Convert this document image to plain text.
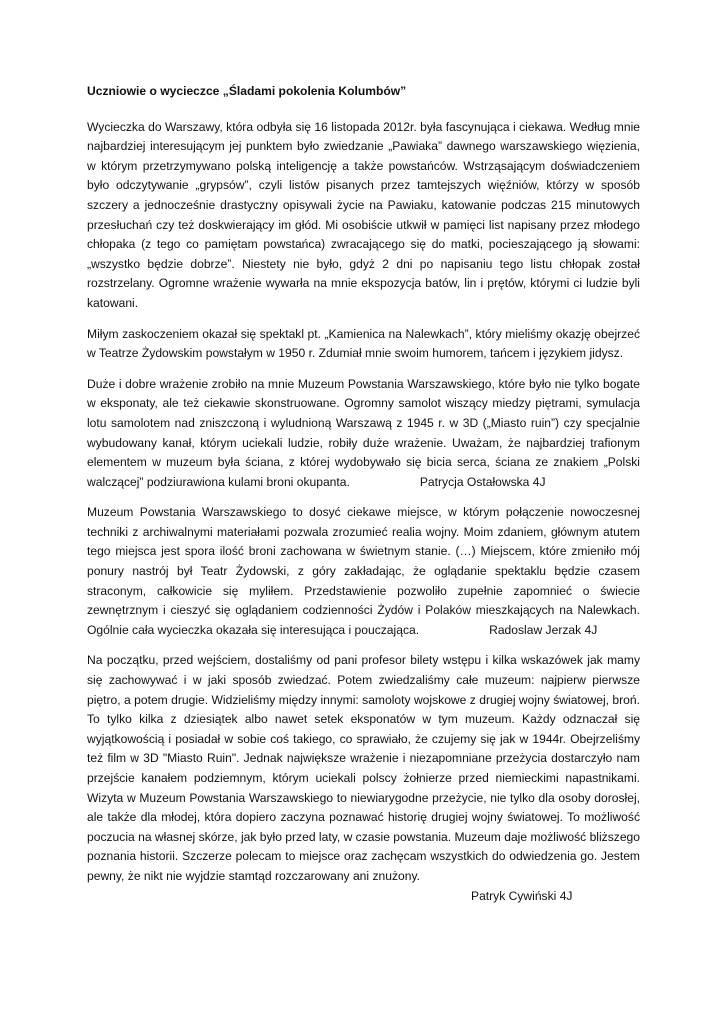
Uczniowie o wycieczce „Śladami pokolenia Kolumbów”

Wycieczka do Warszawy, która odbyła się 16 listopada 2012r. była fascynująca i ciekawa. Według mnie najbardziej interesującym jej punktem było zwiedzanie „Pawiaka” dawnego warszawskiego więzienia, w którym przetrzymywano polską inteligencję a także powstańców. Wstrząsającym doświadczeniem było odczytywanie „grypsów”, czyli listów pisanych przez tamtejszych więźniów, którzy w sposób szczery a jednocześnie drastyczny opisywali życie na Pawiaku, katowanie podczas 215 minutowych przesłuchań czy też doskwierający im głód. Mi osobiście utkwił w pamięci list napisany przez młodego chłopaka (z tego co pamiętam powstańca) zwracającego się do matki, pocieszającego ją słowami: „wszystko będzie dobrze”. Niestety nie było, gdyż 2 dni po napisaniu tego listu chłopak został rozstrzelany. Ogromne wrażenie wywarła na mnie ekspozycja batów, lin i prętów, którymi ci ludzie byli katowani.

Miłym zaskoczeniem okazał się spektakl pt. „Kamienica na Nalewkach”, który mieliśmy okazję obejrzeć w Teatrze Żydowskim powstałym w 1950 r. Zdumiał mnie swoim humorem, tańcem i językiem jidysz.

Duże i dobre wrażenie zrobiło na mnie Muzeum Powstania Warszawskiego, które było nie tylko bogate w eksponaty, ale też ciekawie skonstruowane. Ogromny samolot wiszący miedzy piętrami, symulacja lotu samolotem nad zniszczoną i wyludnioną Warszawą z 1945 r. w 3D („Miasto ruin”) czy specjalnie wybudowany kanał, którym uciekali ludzie, robiły duże wrażenie. Uważam, że najbardziej trafionym elementem w muzeum była ściana, z której wydobywało się bicia serca, ściana ze znakiem „Polski walczącej” podziurawiona kulami broni okupanta.	Patrycja Ostałowska 4J

Muzeum Powstania Warszawskiego to dosyć ciekawe miejsce, w którym połączenie nowoczesnej techniki z archiwalnymi materiałami pozwala zrozumieć realia wojny. Moim zdaniem, głównym atutem tego miejsca jest spora ilość broni zachowana w świetnym stanie. (…) Miejscem, które zmieniło mój ponury nastrój był Teatr Żydowski, z góry zakładając, że oglądanie spektaklu będzie czasem straconym, całkowicie się myliłem. Przedstawienie pozwoliło zupełnie zapomnieć o świecie zewnętrznym i cieszyć się oglądaniem codzienności Żydów i Polaków mieszkających na Nalewkach. Ogólnie cała wycieczka okazała się interesująca i pouczająca.	Radoslaw Jerzak 4J

Na początku, przed wejściem, dostaliśmy od pani profesor bilety wstępu i kilka wskazówek jak mamy się zachowywać i w jaki sposób zwiedzać. Potem zwiedzaliśmy całe muzeum: najpierw pierwsze piętro, a potem drugie. Widzieliśmy między innymi: samoloty wojskowe z drugiej wojny światowej, broń. To tylko kilka z dziesiątek albo nawet setek eksponatów w tym muzeum. Każdy odznaczał się wyjątkowością i posiadał w sobie coś takiego, co sprawiało, że czujemy się jak w 1944r. Obejrzeliśmy też film w 3D "Miasto Ruin". Jednak największe wrażenie i niezapomniane przeżycia dostarczyło nam przejście kanałem podziemnym, którym uciekali polscy żołnierze przed niemieckimi napastnikami. Wizyta w Muzeum Powstania Warszawskiego to niewiarygodne przeżycie, nie tylko dla osoby dorosłej, ale także dla młodej, która dopiero zaczyna poznawać historię drugiej wojny światowej. To możliwość poczucia na własnej skórze, jak było przed laty, w czasie powstania. Muzeum daje możliwość bliższego poznania historii. Szczerze polecam to miejsce oraz zachęcam wszystkich do odwiedzenia go. Jestem pewny, że nikt nie wyjdzie stamtąd rozczarowany ani znużony.
Patryk Cywiński 4J
